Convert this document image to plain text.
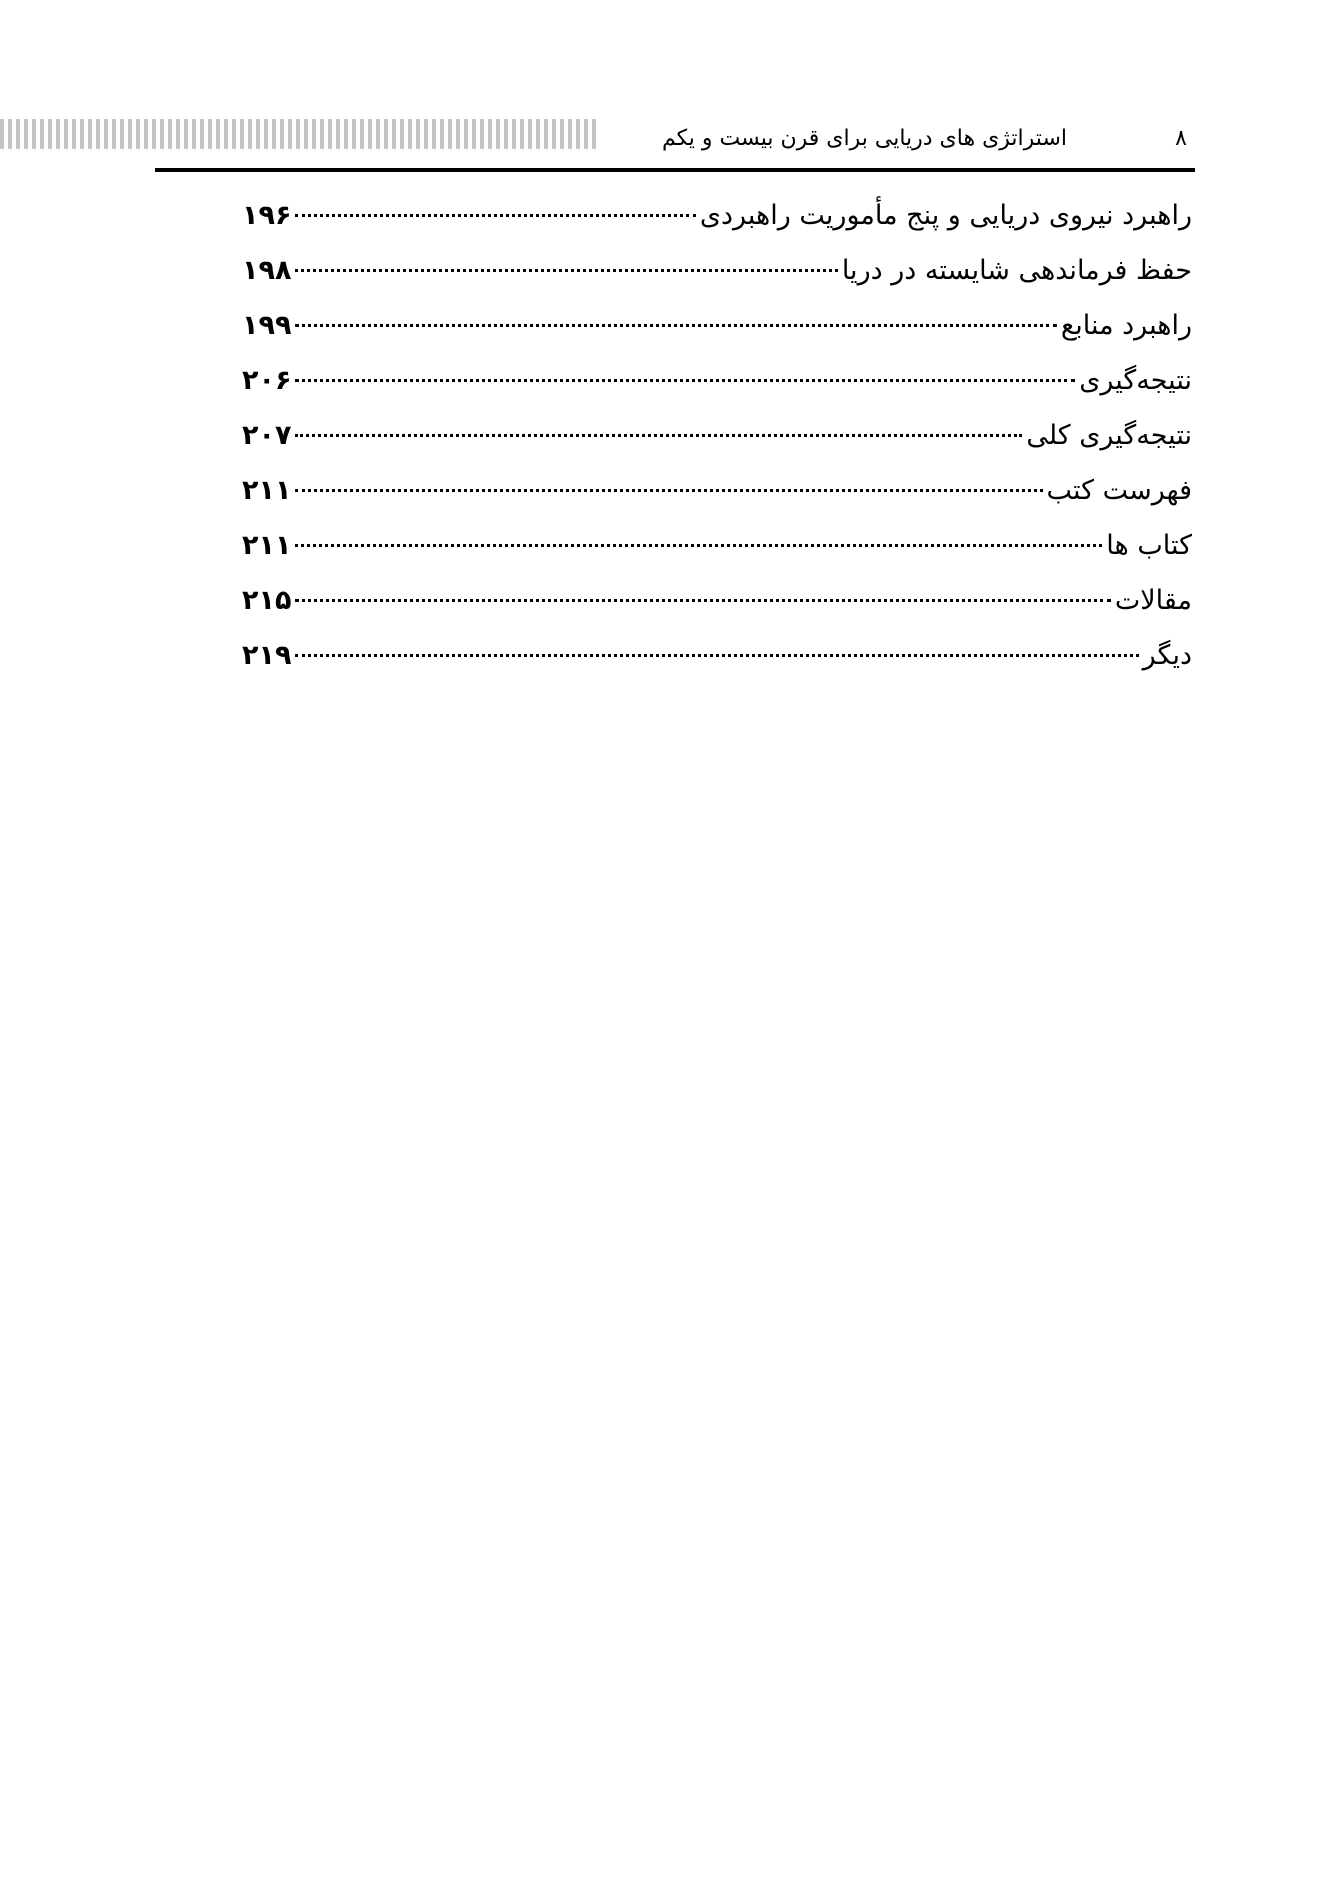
۸
استراتژی های دریایی برای قرن بیست و یکم
راهبرد نیروی دریایی و پنج مأموریت راهبردی
۱۹۶
حفظ فرماندهی شایسته در دریا
۱۹۸
راهبرد منابع
۱۹۹
نتیجه‌گیری
۲۰۶
نتیجه‌گیری کلی
۲۰۷
فهرست کتب
۲۱۱
کتاب ها
۲۱۱
مقالات
۲۱۵
دیگر
۲۱۹
